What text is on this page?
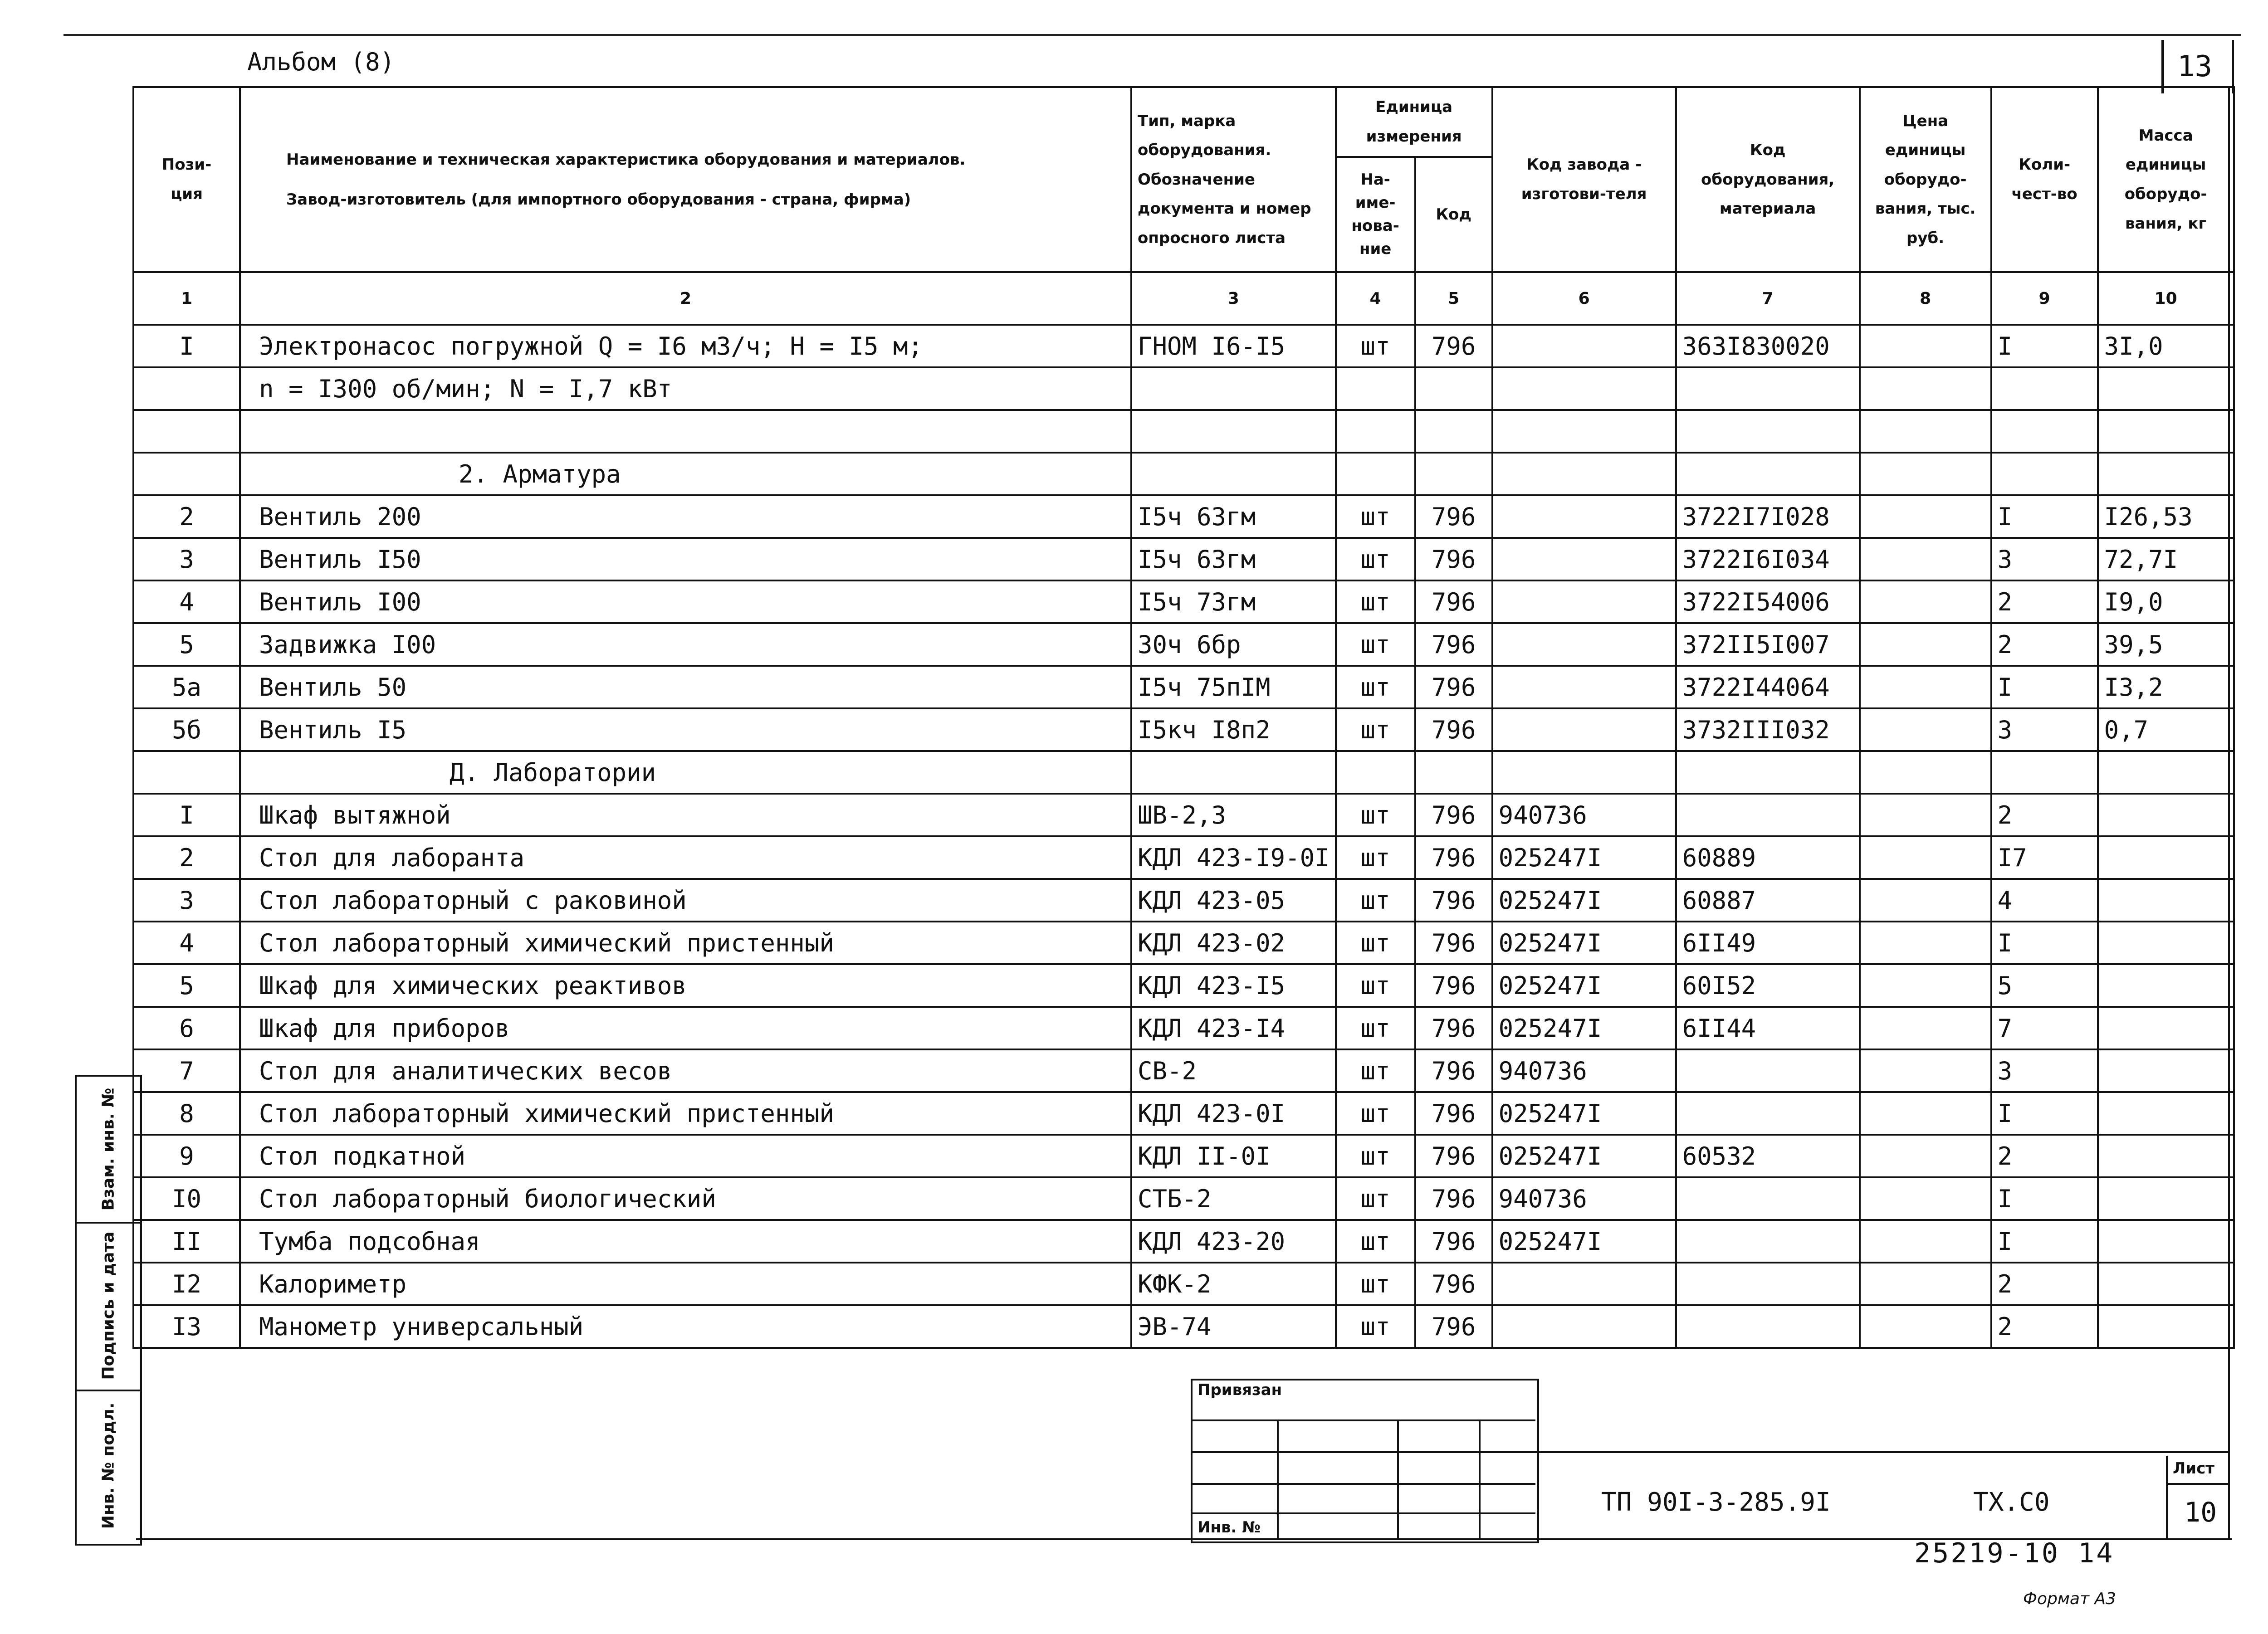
Альбом (8)	13
Пози-
ция	Наименование и техническая характеристика оборудования и материалов.
Завод-изготовитель (для импортного оборудования - страна, фирма)	Тип, марка оборудования. Обозначение документа и номер опросного листа	Единица измерения		Код завода - изготови-теля	Код оборудования, материала	Цена единицы оборудо-вания, тыс. руб.	Коли-чест-во	Масса единицы оборудо-вания, кг
			На-име-нова-ние	Код					
1	2	3	4	5	6	7	8	9	10
I	Электронасос погружной Q = I6 м3/ч; H = I5 м;	ГНОМ I6-I5	шт	796		363I830020		I	3I,0
	n = I300 об/мин; N = I,7 кВт								

	2. Арматура								
2	Вентиль 200	I5ч 63гм	шт	796		3722I7I028		I	I26,53
3	Вентиль I50	I5ч 63гм	шт	796		3722I6I034		3	72,7I
4	Вентиль I00	I5ч 73гм	шт	796		3722I54006		2	I9,0
5	Задвижка I00	30ч 6бр	шт	796		372II5I007		2	39,5
5а	Вентиль 50	I5ч 75пIМ	шт	796		3722I44064		I	I3,2
5б	Вентиль I5	I5кч I8п2	шт	796		3732III032		3	0,7
	Д. Лаборатории								
I	Шкаф вытяжной	ШВ-2,3	шт	796	940736			2	
2	Стол для лаборанта	КДЛ 423-I9-0I	шт	796	025247I	60889		I7	
3	Стол лабораторный с раковиной	КДЛ 423-05	шт	796	025247I	60887		4	
4	Стол лабораторный химический пристенный	КДЛ 423-02	шт	796	025247I	6II49		I	
5	Шкаф для химических реактивов	КДЛ 423-I5	шт	796	025247I	60I52		5	
6	Шкаф для приборов	КДЛ 423-I4	шт	796	025247I	6II44		7	
7	Стол для аналитических весов	СВ-2	шт	796	940736			3	
8	Стол лабораторный химический пристенный	КДЛ 423-0I	шт	796	025247I			I	
9	Стол подкатной	КДЛ II-0I	шт	796	025247I	60532		2	
I0	Стол лабораторный биологический	СТБ-2	шт	796	940736			I	
II	Тумба подсобная	КДЛ 423-20	шт	796	025247I			I	
I2	Калориметр	КФК-2	шт	796				2	
I3	Манометр универсальный	ЭВ-74	шт	796				2	
Взам. инв. №
Подпись и дата
Инв. № подл.
Привязан
Инв. №
ТП 90I-3-285.9I	ТХ.С0
Лист
10
25219-10 14
Формат А3
